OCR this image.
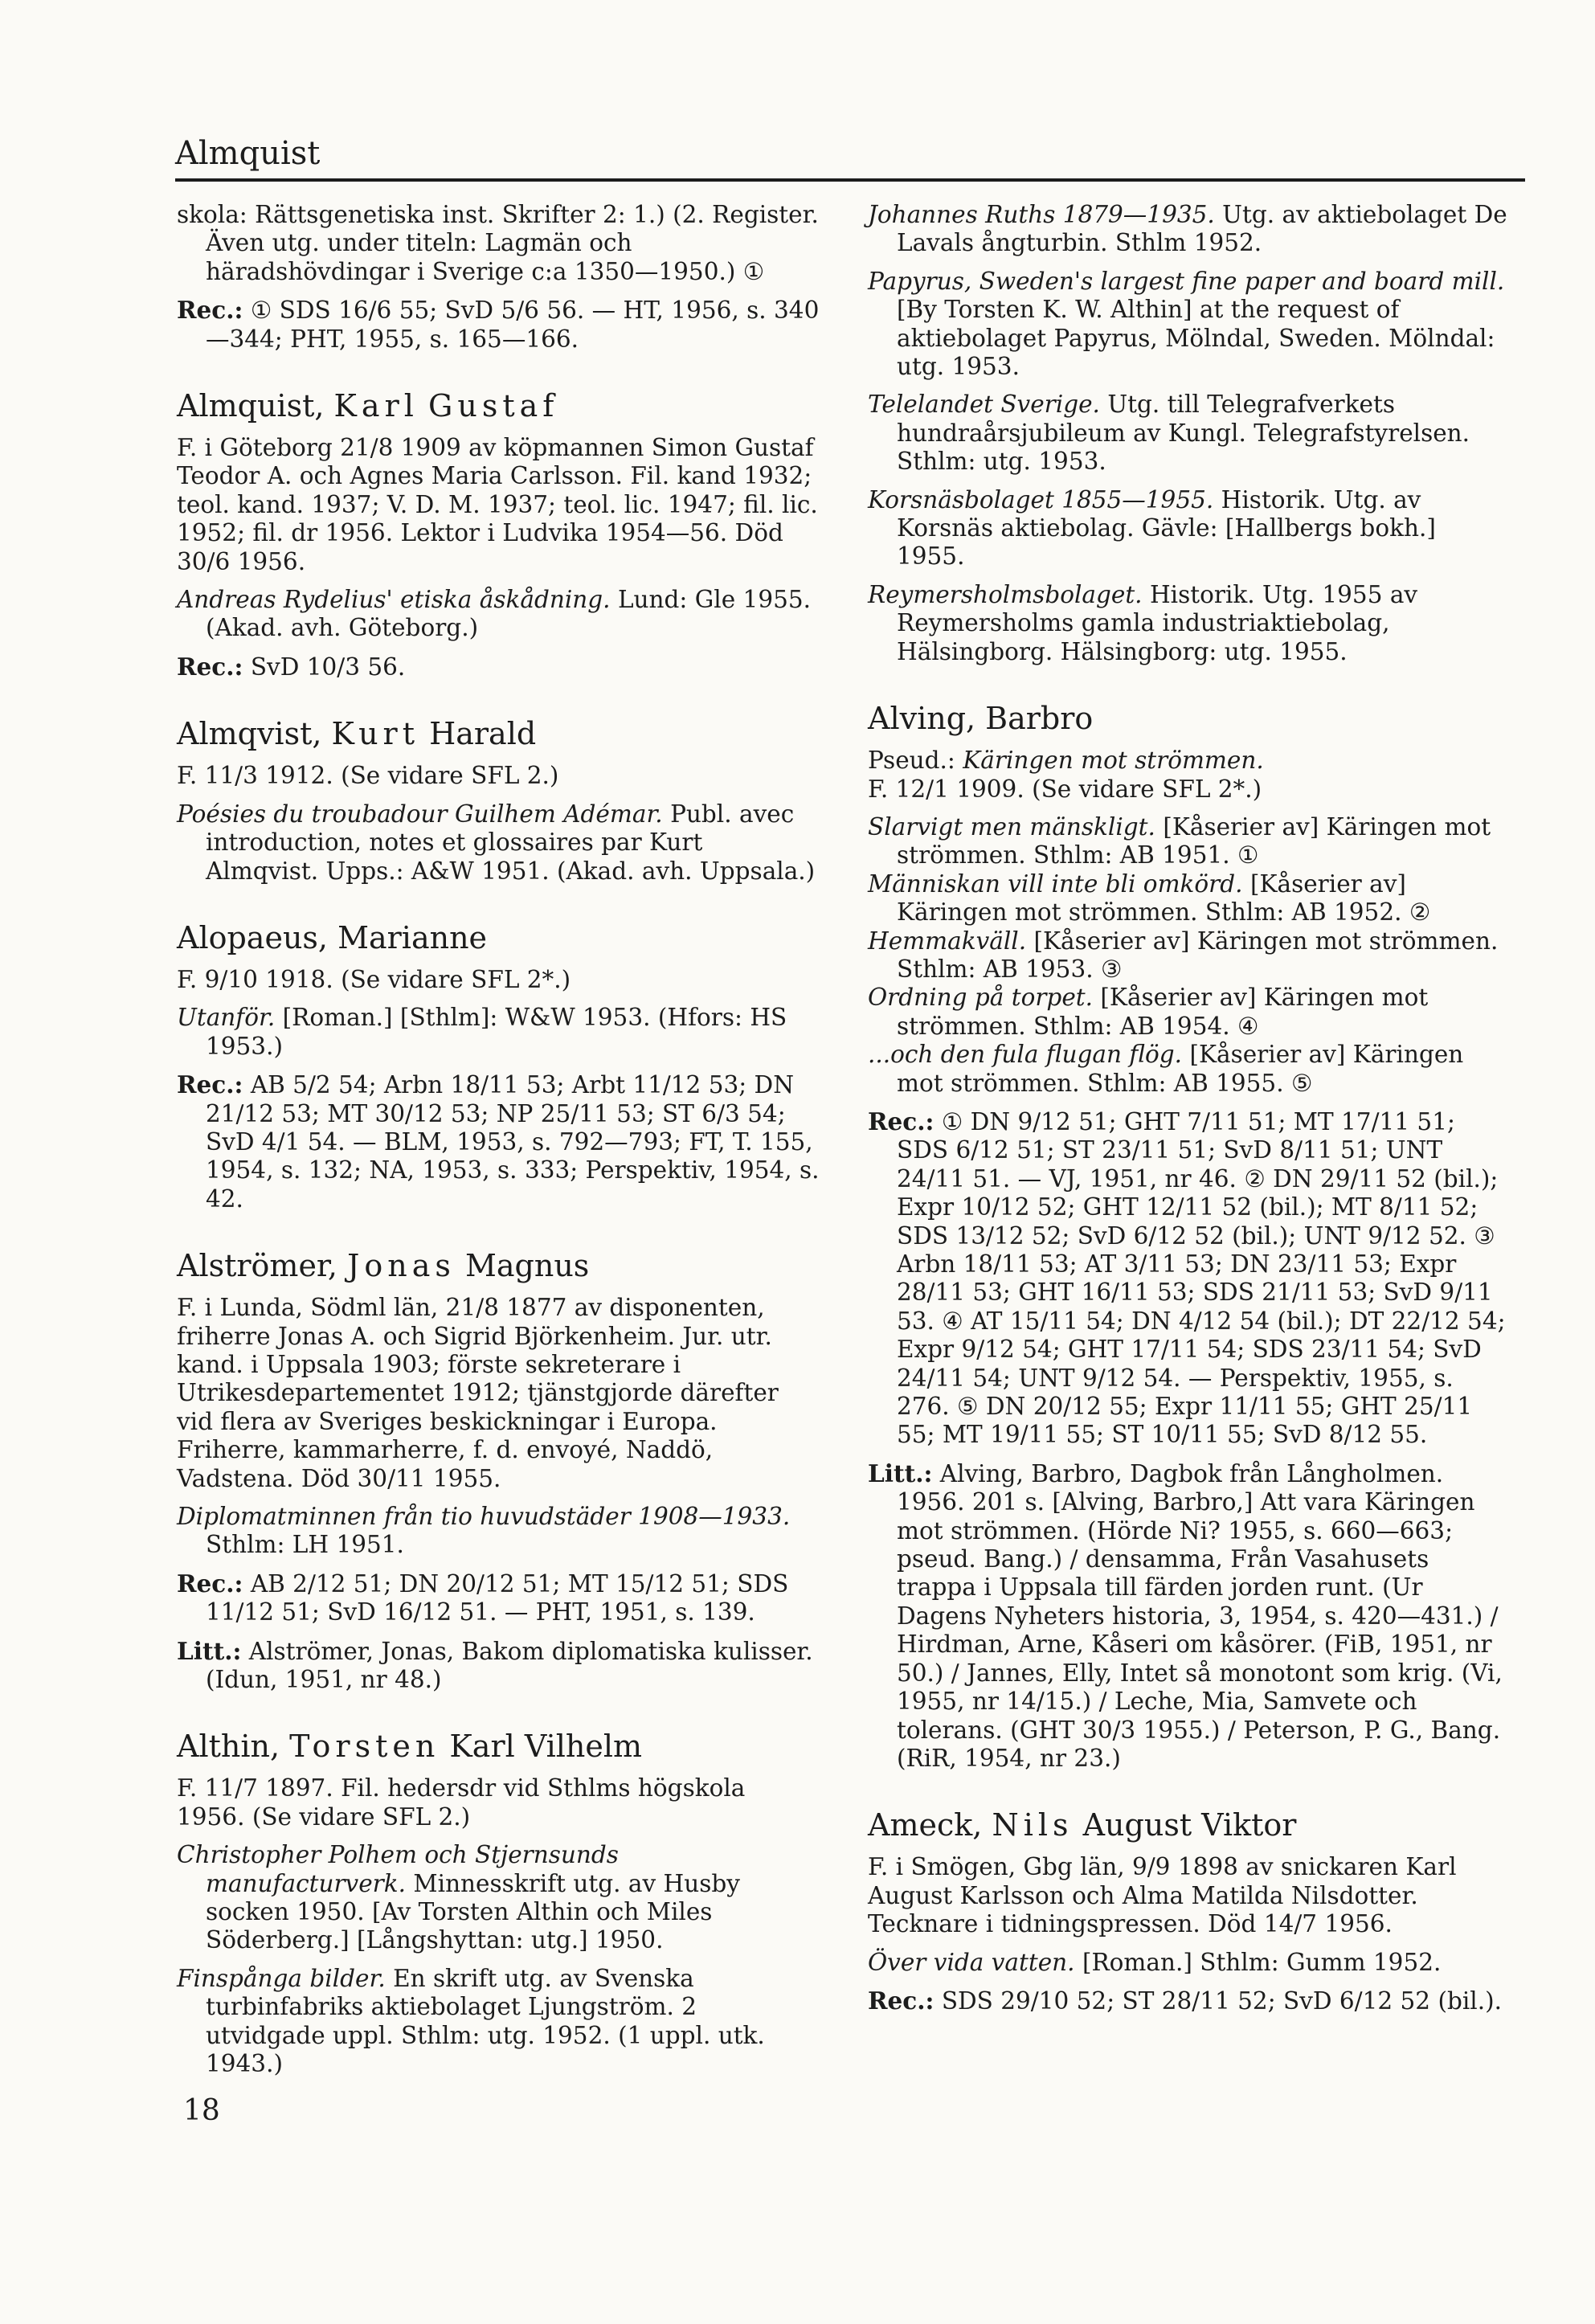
Almquist

skola: Rättsgenetiska inst. Skrifter 2: 1.) (2. Register. Även utg. under titeln: Lagmän och häradshövdingar i Sverige c:a 1350—1950.) ①

Rec.: ① SDS 16/6 55; SvD 5/6 56. — HT, 1956, s. 340—344; PHT, 1955, s. 165—166.

Almquist, Karl Gustaf

F. i Göteborg 21/8 1909 av köpmannen Simon Gustaf Teodor A. och Agnes Maria Carlsson. Fil. kand 1932; teol. kand. 1937; V. D. M. 1937; teol. lic. 1947; fil. lic. 1952; fil. dr 1956. Lektor i Ludvika 1954—56. Död 30/6 1956.

Andreas Rydelius' etiska åskådning. Lund: Gle 1955. (Akad. avh. Göteborg.)

Rec.: SvD 10/3 56.

Almqvist, Kurt Harald

F. 11/3 1912. (Se vidare SFL 2.)

Poésies du troubadour Guilhem Adémar. Publ. avec introduction, notes et glossaires par Kurt Almqvist. Upps.: A&W 1951. (Akad. avh. Uppsala.)

Alopaeus, Marianne

F. 9/10 1918. (Se vidare SFL 2*.)

Utanför. [Roman.] [Sthlm]: W&W 1953. (Hfors: HS 1953.)

Rec.: AB 5/2 54; Arbn 18/11 53; Arbt 11/12 53; DN 21/12 53; MT 30/12 53; NP 25/11 53; ST 6/3 54; SvD 4/1 54. — BLM, 1953, s. 792—793; FT, T. 155, 1954, s. 132; NA, 1953, s. 333; Perspektiv, 1954, s. 42.

Alströmer, Jonas Magnus

F. i Lunda, Södml län, 21/8 1877 av disponenten, friherre Jonas A. och Sigrid Björkenheim. Jur. utr. kand. i Uppsala 1903; förste sekreterare i Utrikesdepartementet 1912; tjänstgjorde därefter vid flera av Sveriges beskickningar i Europa. Friherre, kammarherre, f. d. envoyé, Naddö, Vadstena. Död 30/11 1955.

Diplomatminnen från tio huvudstäder 1908—1933. Sthlm: LH 1951.

Rec.: AB 2/12 51; DN 20/12 51; MT 15/12 51; SDS 11/12 51; SvD 16/12 51. — PHT, 1951, s. 139.

Litt.: Alströmer, Jonas, Bakom diplomatiska kulisser. (Idun, 1951, nr 48.)

Althin, Torsten Karl Vilhelm

F. 11/7 1897. Fil. hedersdr vid Sthlms högskola 1956. (Se vidare SFL 2.)

Christopher Polhem och Stjernsunds manufacturverk. Minnesskrift utg. av Husby socken 1950. [Av Torsten Althin och Miles Söderberg.] [Långshyttan: utg.] 1950.

Finspånga bilder. En skrift utg. av Svenska turbinfabriks aktiebolaget Ljungström. 2 utvidgade uppl. Sthlm: utg. 1952. (1 uppl. utk. 1943.)

Johannes Ruths 1879—1935. Utg. av aktiebolaget De Lavals ångturbin. Sthlm 1952.

Papyrus, Sweden's largest fine paper and board mill. [By Torsten K. W. Althin] at the request of aktiebolaget Papyrus, Mölndal, Sweden. Mölndal: utg. 1953.

Telelandet Sverige. Utg. till Telegrafverkets hundraårsjubileum av Kungl. Telegrafstyrelsen. Sthlm: utg. 1953.

Korsnäsbolaget 1855—1955. Historik. Utg. av Korsnäs aktiebolag. Gävle: [Hallbergs bokh.] 1955.

Reymersholmsbolaget. Historik. Utg. 1955 av Reymersholms gamla industriaktiebolag, Hälsingborg. Hälsingborg: utg. 1955.

Alving, Barbro

Pseud.: Käringen mot strömmen.

F. 12/1 1909. (Se vidare SFL 2*.)

Slarvigt men mänskligt. [Kåserier av] Käringen mot strömmen. Sthlm: AB 1951. ①

Människan vill inte bli omkörd. [Kåserier av] Käringen mot strömmen. Sthlm: AB 1952. ②

Hemmakväll. [Kåserier av] Käringen mot strömmen. Sthlm: AB 1953. ③

Ordning på torpet. [Kåserier av] Käringen mot strömmen. Sthlm: AB 1954. ④

...och den fula flugan flög. [Kåserier av] Käringen mot strömmen. Sthlm: AB 1955. ⑤

Rec.: ① DN 9/12 51; GHT 7/11 51; MT 17/11 51; SDS 6/12 51; ST 23/11 51; SvD 8/11 51; UNT 24/11 51. — VJ, 1951, nr 46. ② DN 29/11 52 (bil.); Expr 10/12 52; GHT 12/11 52 (bil.); MT 8/11 52; SDS 13/12 52; SvD 6/12 52 (bil.); UNT 9/12 52. ③ Arbn 18/11 53; AT 3/11 53; DN 23/11 53; Expr 28/11 53; GHT 16/11 53; SDS 21/11 53; SvD 9/11 53. ④ AT 15/11 54; DN 4/12 54 (bil.); DT 22/12 54; Expr 9/12 54; GHT 17/11 54; SDS 23/11 54; SvD 24/11 54; UNT 9/12 54. — Perspektiv, 1955, s. 276. ⑤ DN 20/12 55; Expr 11/11 55; GHT 25/11 55; MT 19/11 55; ST 10/11 55; SvD 8/12 55.

Litt.: Alving, Barbro, Dagbok från Långholmen. 1956. 201 s. [Alving, Barbro,] Att vara Käringen mot strömmen. (Hörde Ni? 1955, s. 660—663; pseud. Bang.) / densamma, Från Vasahusets trappa i Uppsala till färden jorden runt. (Ur Dagens Nyheters historia, 3, 1954, s. 420—431.) / Hirdman, Arne, Kåseri om kåsörer. (FiB, 1951, nr 50.) / Jannes, Elly, Intet så monotont som krig. (Vi, 1955, nr 14/15.) / Leche, Mia, Samvete och tolerans. (GHT 30/3 1955.) / Peterson, P. G., Bang. (RiR, 1954, nr 23.)

Ameck, Nils August Viktor

F. i Smögen, Gbg län, 9/9 1898 av snickaren Karl August Karlsson och Alma Matilda Nilsdotter. Tecknare i tidningspressen. Död 14/7 1956.

Över vida vatten. [Roman.] Sthlm: Gumm 1952.

Rec.: SDS 29/10 52; ST 28/11 52; SvD 6/12 52 (bil.).

18
